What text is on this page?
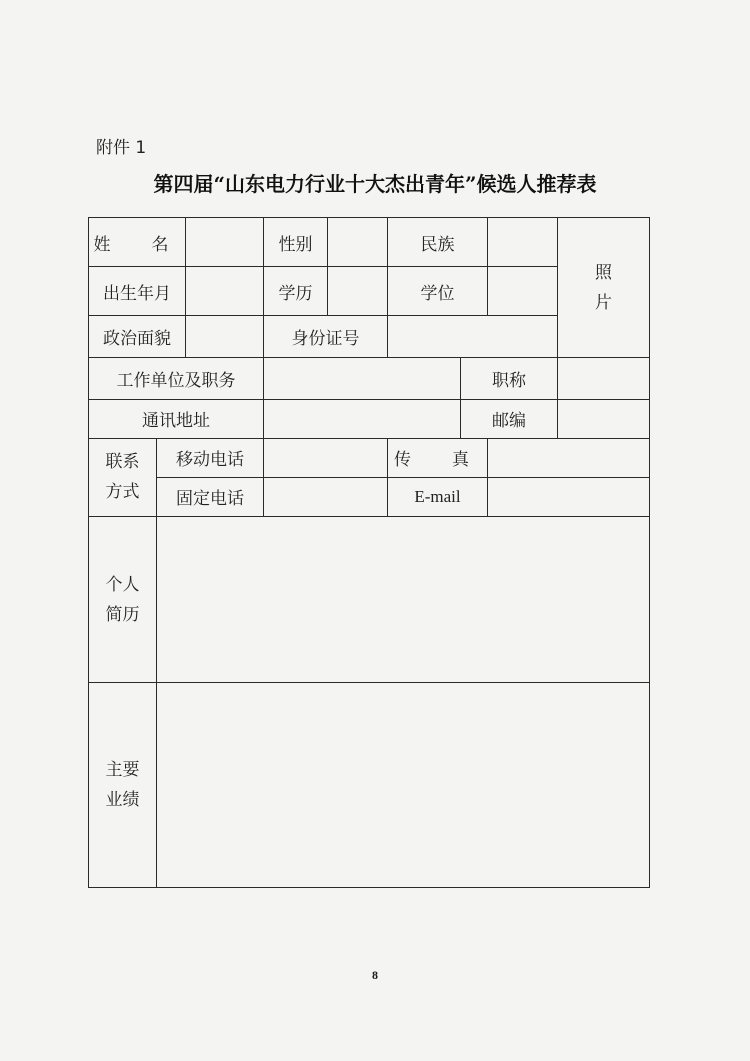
附件 1
第四届“山东电力行业十大杰出青年”候选人推荐表
姓　名			性别		民族			照
片
出生年月			学历		学位			
政治面貌			身份证号					
工作单位及职务						职称		
通讯地址						邮编		
联系
方式	移动电话				传　真			
	固定电话				E-mail			
个人
简历								
主要
业绩								
8
